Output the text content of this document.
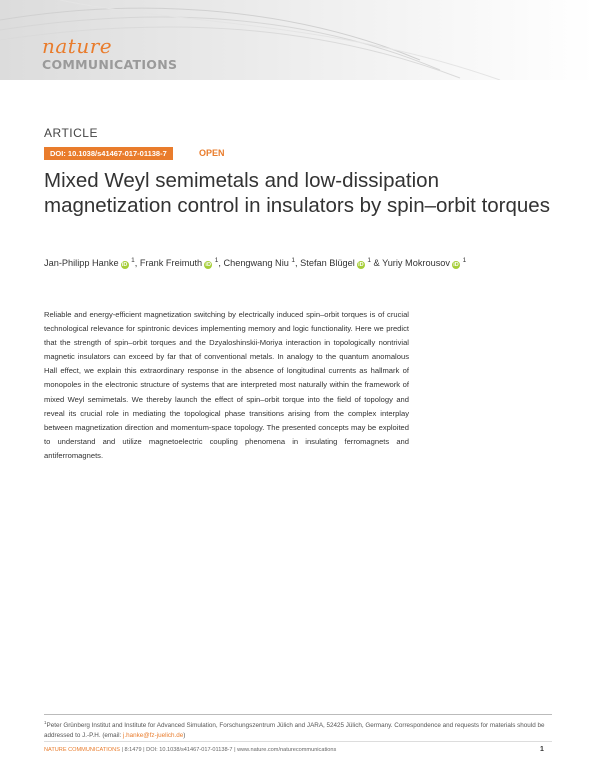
nature
COMMUNICATIONS
ARTICLE
DOI: 10.1038/s41467-017-01138-7	OPEN
Mixed Weyl semimetals and low-dissipation magnetization control in insulators by spin–orbit torques
Jan-Philipp Hanke iD $^1$, Frank Freimuth iD $^1$, Chengwang Niu $^1$, Stefan Blügel iD $^1$ & Yuriy Mokrousov iD $^1$

Reliable and energy-efficient magnetization switching by electrically induced spin–orbit torques is of crucial technological relevance for spintronic devices implementing memory and logic functionality. Here we predict that the strength of spin–orbit torques and the Dzyaloshinskii-Moriya interaction in topologically nontrivial magnetic insulators can exceed by far that of conventional metals. In analogy to the quantum anomalous Hall effect, we explain this extraordinary response in the absence of longitudinal currents as hallmark of monopoles in the electronic structure of systems that are interpreted most naturally within the framework of mixed Weyl semimetals. We thereby launch the effect of spin–orbit torque into the field of topology and reveal its crucial role in mediating the topological phase transitions arising from the complex interplay between magnetization direction and momentum-space topology. The presented concepts may be exploited to understand and utilize magnetoelectric coupling phenomena in insulating ferromagnets and antiferromagnets.

$^1$Peter Grünberg Institut and Institute for Advanced Simulation, Forschungszentrum Jülich and JARA, 52425 Jülich, Germany. Correspondence and requests for materials should be addressed to J.-P.H. (email: j.hanke@fz-juelich.de)

NATURE COMMUNICATIONS | 8:1479 | DOI: 10.1038/s41467-017-01138-7 | www.nature.com/naturecommunications	1
